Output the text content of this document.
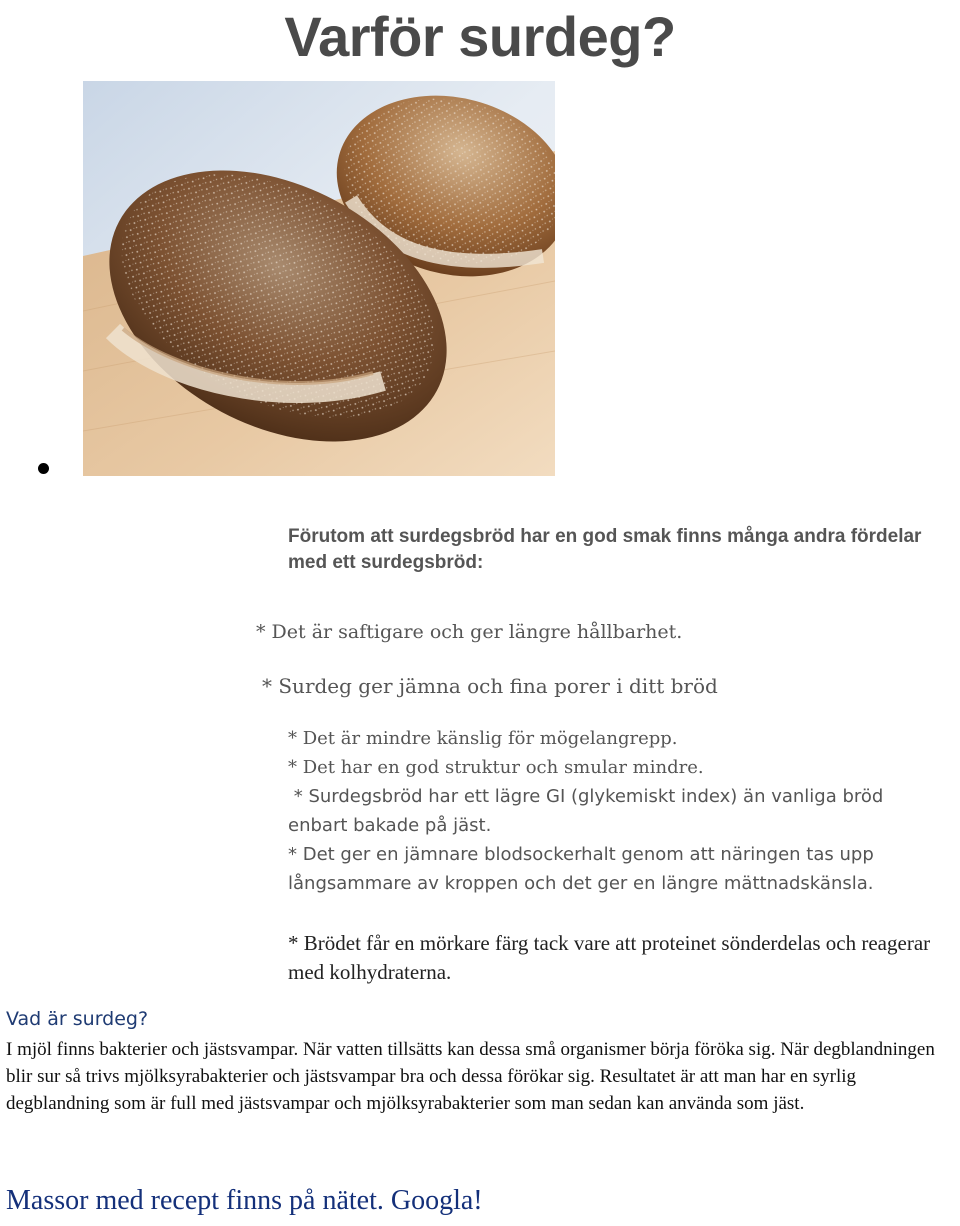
Varför surdeg?

Förutom att surdegsbröd har en god smak finns många andra fördelar med ett surdegsbröd:

* Det är saftigare och ger längre hållbarhet.
* Surdeg ger jämna och fina porer i ditt bröd
* Det är mindre känslig för mögelangrepp.
* Det har en god struktur och smular mindre.
* Surdegsbröd har ett lägre GI (glykemiskt index) än vanliga bröd enbart bakade på jäst.
* Det ger en jämnare blodsockerhalt genom att näringen tas upp långsammare av kroppen och det ger en längre mättnadskänsla.
* Brödet får en mörkare färg tack vare att proteinet sönderdelas och reagerar med kolhydraterna.
Vad är surdeg?

I mjöl finns bakterier och jästsvampar. När vatten tillsätts kan dessa små organismer börja föröka sig. När degblandningen blir sur så trivs mjölksyrabakterier och jästsvampar bra och dessa förökar sig. Resultatet är att man har en syrlig degblandning som är full med jästsvampar och mjölksyrabakterier som man sedan kan använda som jäst.

Massor med recept finns på nätet. Googla!
